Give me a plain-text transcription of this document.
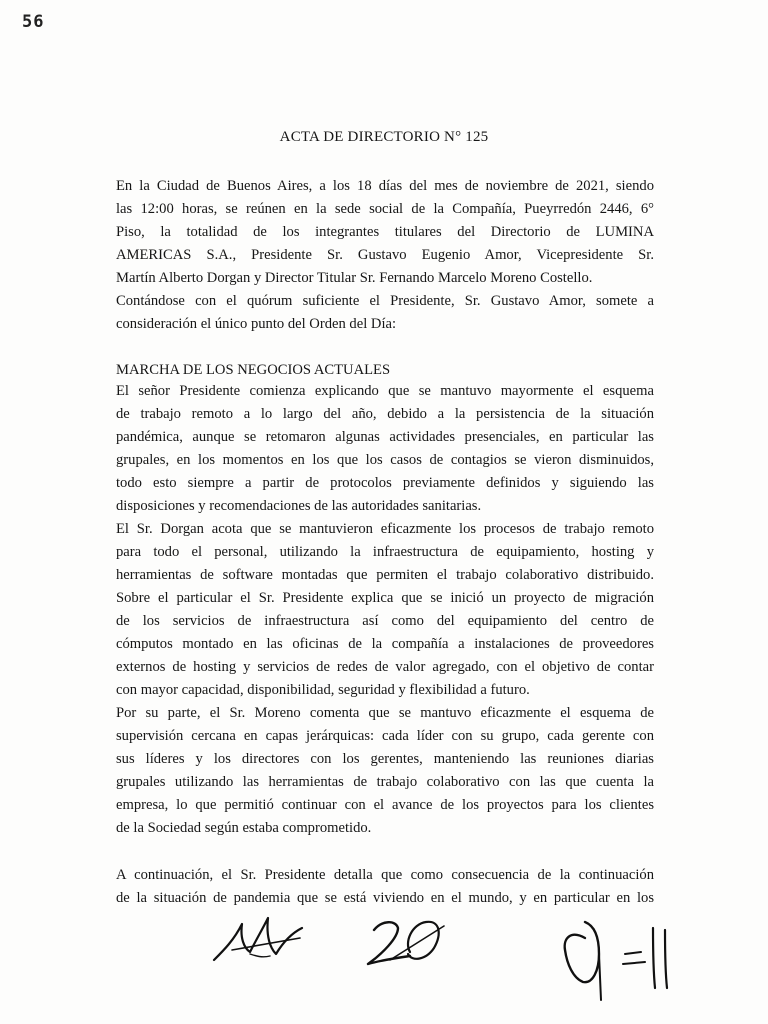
56
ACTA DE DIRECTORIO N° 125
En la Ciudad de Buenos Aires, a los 18 días del mes de noviembre de 2021, siendo
las 12:00 horas, se reúnen en la sede social de la Compañía, Pueyrredón 2446, 6°
Piso, la totalidad de los integrantes titulares del Directorio de LUMINA
AMERICAS S.A., Presidente Sr. Gustavo Eugenio Amor, Vicepresidente Sr.
Martín Alberto Dorgan y Director Titular Sr. Fernando Marcelo Moreno Costello.
Contándose con el quórum suficiente el Presidente, Sr. Gustavo Amor, somete a
consideración el único punto del Orden del Día:
MARCHA DE LOS NEGOCIOS ACTUALES
El señor Presidente comienza explicando que se mantuvo mayormente el esquema
de trabajo remoto a lo largo del año, debido a la persistencia de la situación
pandémica, aunque se retomaron algunas actividades presenciales, en particular las
grupales, en los momentos en los que los casos de contagios se vieron disminuidos,
todo esto siempre a partir de protocolos previamente definidos y siguiendo las
disposiciones y recomendaciones de las autoridades sanitarias.
El Sr. Dorgan acota que se mantuvieron eficazmente los procesos de trabajo remoto
para todo el personal, utilizando la infraestructura de equipamiento, hosting y
herramientas de software montadas que permiten el trabajo colaborativo distribuido.
Sobre el particular el Sr. Presidente explica que se inició un proyecto de migración
de los servicios de infraestructura así como del equipamiento del centro de
cómputos montado en las oficinas de la compañía a instalaciones de proveedores
externos de hosting y servicios de redes de valor agregado, con el objetivo de contar
con mayor capacidad, disponibilidad, seguridad y flexibilidad a futuro.
Por su parte, el Sr. Moreno comenta que se mantuvo eficazmente el esquema de
supervisión cercana en capas jerárquicas: cada líder con su grupo, cada gerente con
sus líderes y los directores con los gerentes, manteniendo las reuniones diarias
grupales utilizando las herramientas de trabajo colaborativo con las que cuenta la
empresa, lo que permitió continuar con el avance de los proyectos para los clientes
de la Sociedad según estaba comprometido.
A continuación, el Sr. Presidente detalla que como consecuencia de la continuación
de la situación de pandemia que se está viviendo en el mundo, y en particular en los
